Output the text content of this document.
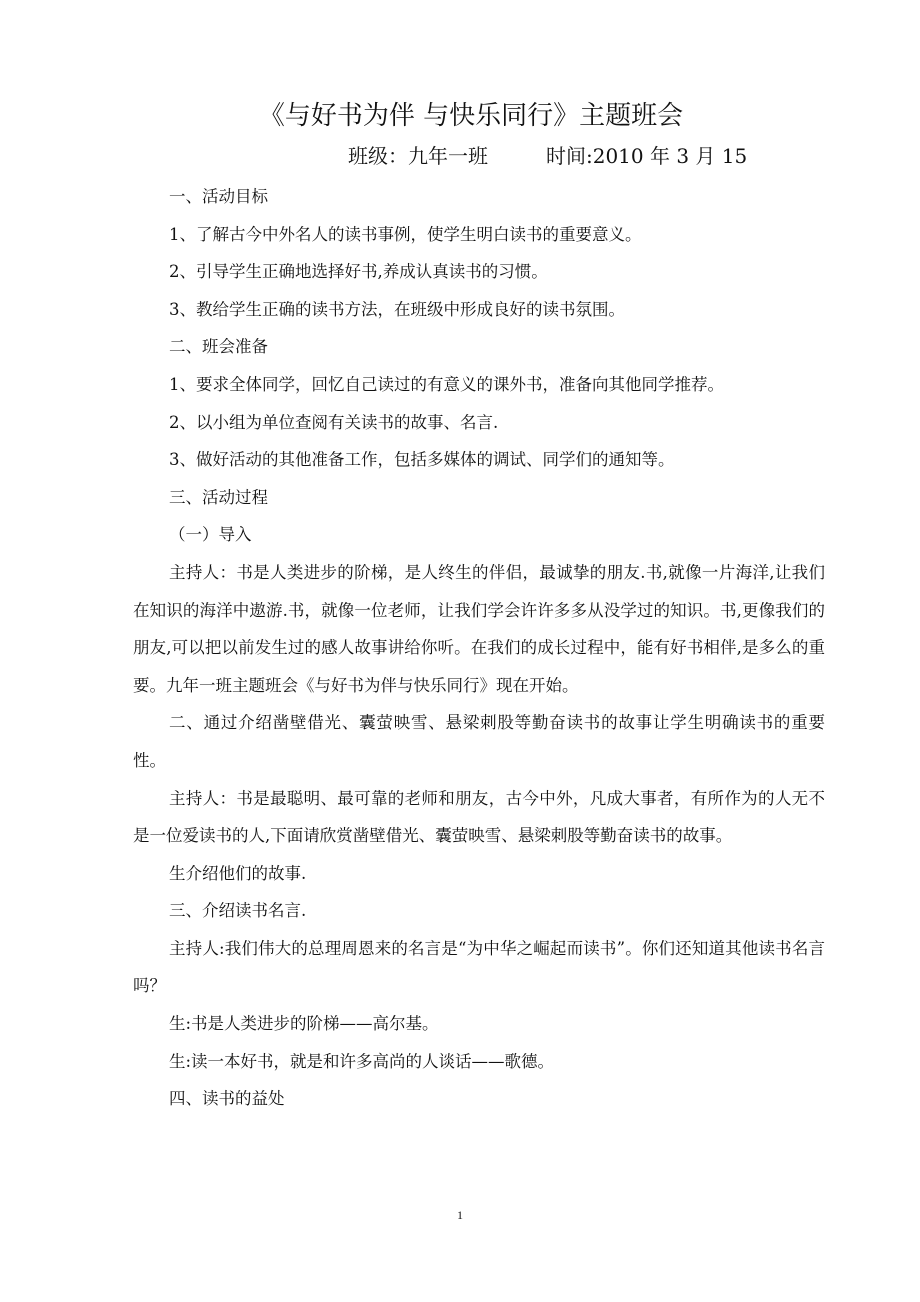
《与好书为伴 与快乐同行》主题班会
班级：九年一班	时间:2010 年 3 月 15

一、活动目标

1、了解古今中外名人的读书事例，使学生明白读书的重要意义。

2、引导学生正确地选择好书,养成认真读书的习惯。

3、教给学生正确的读书方法，在班级中形成良好的读书氛围。

二、班会准备

1、要求全体同学，回忆自己读过的有意义的课外书，准备向其他同学推荐。

2、以小组为单位查阅有关读书的故事、名言.

3、做好活动的其他准备工作，包括多媒体的调试、同学们的通知等。

三、活动过程

（一）导入

主持人：书是人类进步的阶梯，是人终生的伴侣，最诚挚的朋友.书,就像一片海洋,让我们在知识的海洋中遨游.书，就像一位老师，让我们学会许许多多从没学过的知识。书,更像我们的朋友,可以把以前发生过的感人故事讲给你听。在我们的成长过程中，能有好书相伴,是多么的重要。九年一班主题班会《与好书为伴与快乐同行》现在开始。

二、通过介绍凿壁借光、囊萤映雪、悬梁刺股等勤奋读书的故事让学生明确读书的重要性。

主持人：书是最聪明、最可靠的老师和朋友，古今中外，凡成大事者，有所作为的人无不是一位爱读书的人,下面请欣赏凿壁借光、囊萤映雪、悬梁刺股等勤奋读书的故事。

生介绍他们的故事.

三、介绍读书名言.

主持人:我们伟大的总理周恩来的名言是“为中华之崛起而读书”。你们还知道其他读书名言吗？

生:书是人类进步的阶梯——高尔基。

生:读一本好书，就是和许多高尚的人谈话——歌德。

四、读书的益处

1
